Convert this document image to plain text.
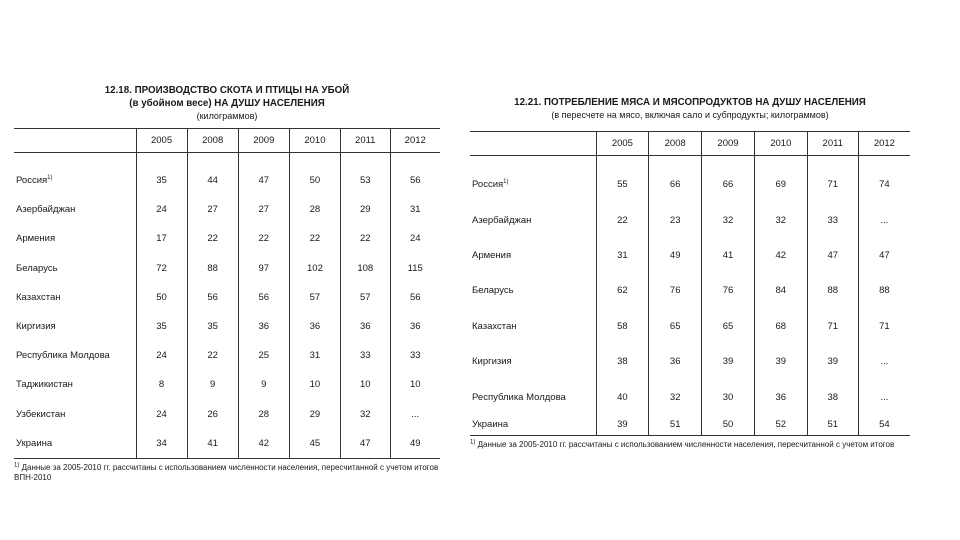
12.18. ПРОИЗВОДСТВО СКОТА И ПТИЦЫ НА УБОЙ
(в убойном весе) НА ДУШУ НАСЕЛЕНИЯ
(килограммов)
	2005	2008	2009	2010	2011	2012

Россия$^{1)}$	35	44	47	50	53	56
Азербайджан	24	27	27	28	29	31
Армения	17	22	22	22	22	24
Беларусь	72	88	97	102	108	115
Казахстан	50	56	56	57	57	56
Киргизия	35	35	36	36	36	36
Республика Молдова	24	22	25	31	33	33
Таджикистан	8	9	9	10	10	10
Узбекистан	24	26	28	29	32	...
Украина	34	41	42	45	47	49
$^{1)}$ Данные за 2005-2010 гг. рассчитаны с использованием численности населения, пересчитанной с учетом итогов ВПН-2010
12.21. ПОТРЕБЛЕНИЕ МЯСА И МЯСОПРОДУКТОВ НА ДУШУ НАСЕЛЕНИЯ
(в пересчете на мясо, включая сало и субпродукты; килограммов)
	2005	2008	2009	2010	2011	2012

Россия$^{1)}$	55	66	66	69	71	74
Азербайджан	22	23	32	32	33	...
Армения	31	49	41	42	47	47
Беларусь	62	76	76	84	88	88
Казахстан	58	65	65	68	71	71
Киргизия	38	36	39	39	39	...
Республика Молдова	40	32	30	36	38	...
Украина	39	51	50	52	51	54
$^{1)}$ Данные за 2005-2010 гг. рассчитаны с использованием численности населения, пересчитанной с учетом итогов
